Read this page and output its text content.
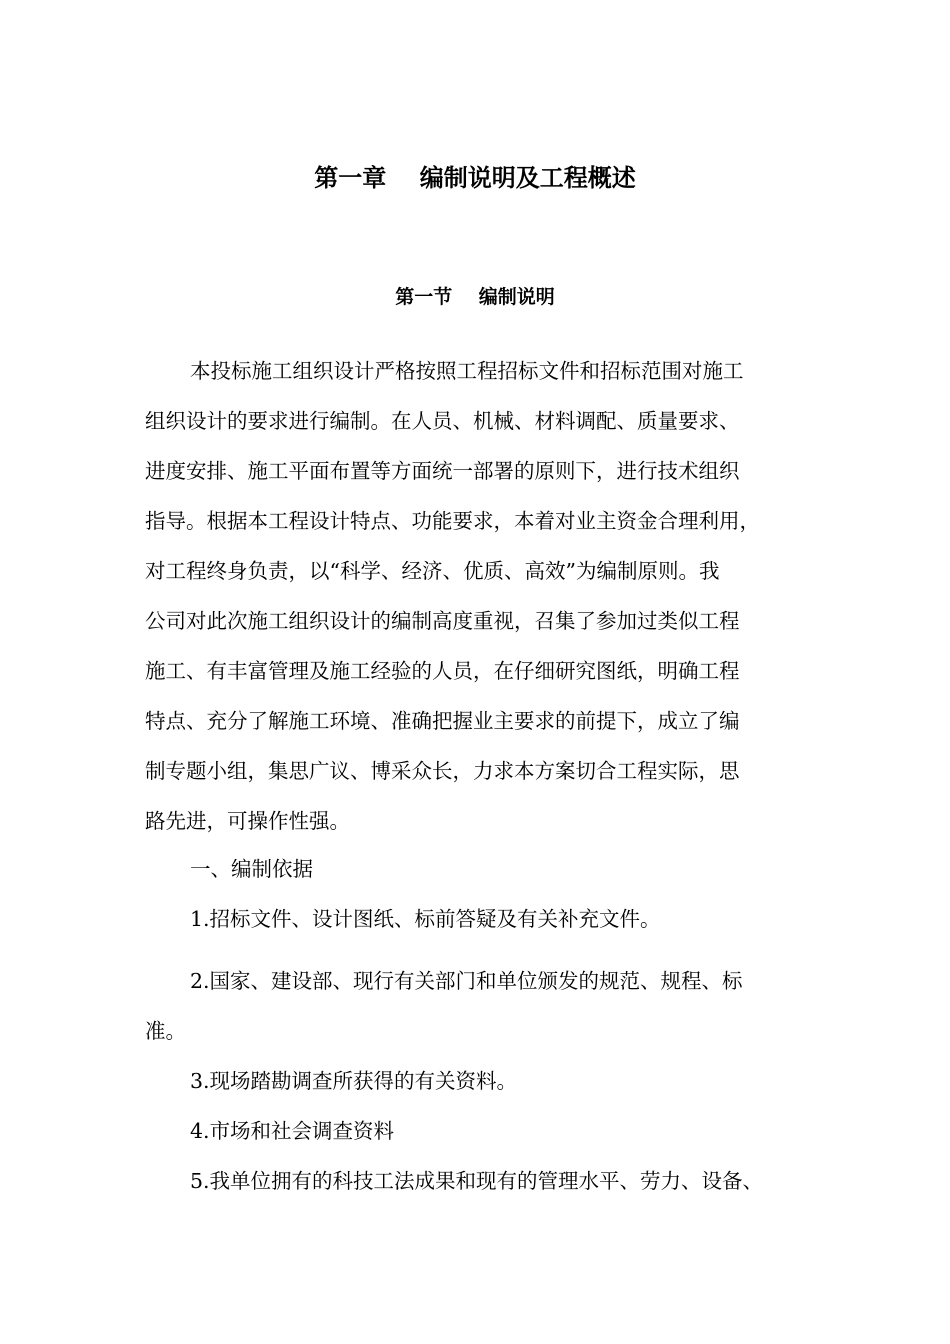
第一章    编制说明及工程概述
第一节    编制说明
本投标施工组织设计严格按照工程招标文件和招标范围对施工
组织设计的要求进行编制。在人员、机械、材料调配、质量要求、
进度安排、施工平面布置等方面统一部署的原则下，进行技术组织
指导。根据本工程设计特点、功能要求，本着对业主资金合理利用，
对工程终身负责，以“科学、经济、优质、高效”为编制原则。我
公司对此次施工组织设计的编制高度重视，召集了参加过类似工程
施工、有丰富管理及施工经验的人员，在仔细研究图纸，明确工程
特点、充分了解施工环境、准确把握业主要求的前提下，成立了编
制专题小组，集思广议、博采众长，力求本方案切合工程实际，思
路先进，可操作性强。
一、编制依据
1.招标文件、设计图纸、标前答疑及有关补充文件。
2.国家、建设部、现行有关部门和单位颁发的规范、规程、标
准。
3.现场踏勘调查所获得的有关资料。
4.市场和社会调查资料
5.我单位拥有的科技工法成果和现有的管理水平、劳力、设备、
